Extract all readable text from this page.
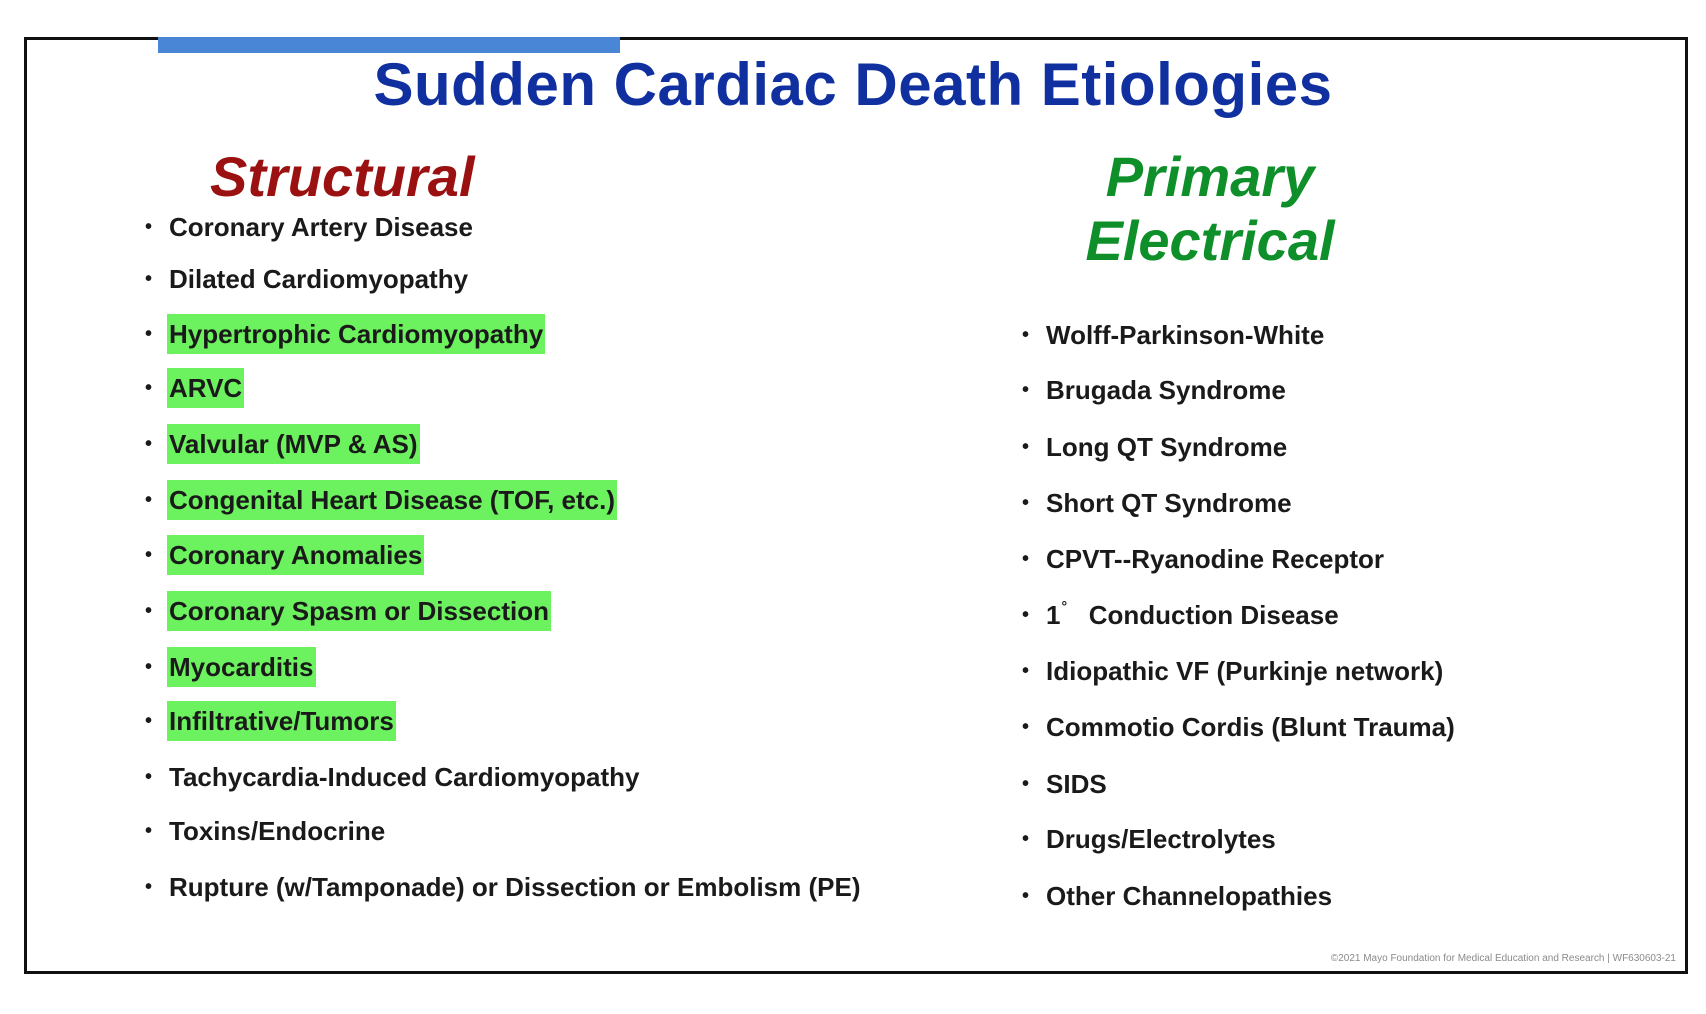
Sudden Cardiac Death Etiologies
Structural	Primary
Electrical
• Coronary Artery Disease
• Dilated Cardiomyopathy
• Hypertrophic Cardiomyopathy
• ARVC
• Valvular (MVP & AS)
• Congenital Heart Disease (TOF, etc.)
• Coronary Anomalies
• Coronary Spasm or Dissection
• Myocarditis
• Infiltrative/Tumors
• Tachycardia-Induced Cardiomyopathy
• Toxins/Endocrine
• Rupture (w/Tamponade) or Dissection or Embolism (PE)
• Wolff-Parkinson-White
• Brugada Syndrome
• Long QT Syndrome
• Short QT Syndrome
• CPVT--Ryanodine Receptor
• 1° Conduction Disease
• Idiopathic VF (Purkinje network)
• Commotio Cordis (Blunt Trauma)
• SIDS
• Drugs/Electrolytes
• Other Channelopathies
©2021 Mayo Foundation for Medical Education and Research | WF630603-21
